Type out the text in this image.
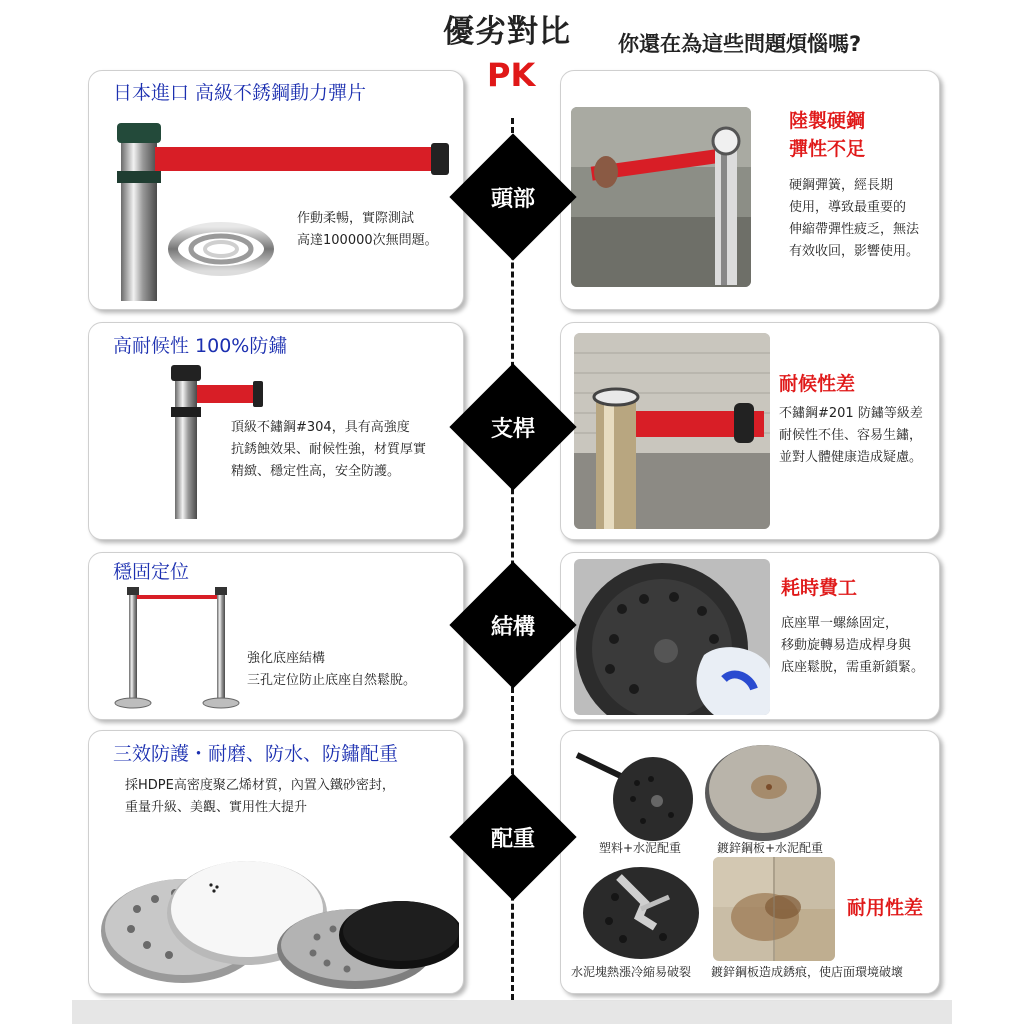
優劣對比 你還在為這些問題煩惱嗎?
PK
日本進口 高級不銹鋼動力彈片
作動柔暢，實際測試
高達100000次無問題。
陸製硬鋼
彈性不足
硬鋼彈簧，經長期
使用，導致最重要的
伸縮帶彈性疲乏，無法
有效收回，影響使用。
高耐候性 100%防鏽
頂級不鏽鋼#304，具有高強度
抗銹蝕效果、耐候性強，材質厚實
精緻、穩定性高，安全防護。
耐候性差
不鏽鋼#201 防鏽等級差
耐候性不佳、容易生鏽，
並對人體健康造成疑慮。
穩固定位
強化底座結構
三孔定位防止底座自然鬆脫。
耗時費工
底座單一螺絲固定，
移動旋轉易造成桿身與
底座鬆脫，需重新鎖緊。
三效防護・耐磨、防水、防鏽配重
採HDPE高密度聚乙烯材質，內置入鐵砂密封，
重量升級、美觀、實用性大提升
塑料+水泥配重	鍍鋅鋼板+水泥配重
耐用性差
水泥塊熱漲冷縮易破裂 鍍鋅鋼板造成銹痕，使店面環境破壞
頭部
支桿
結構
配重
